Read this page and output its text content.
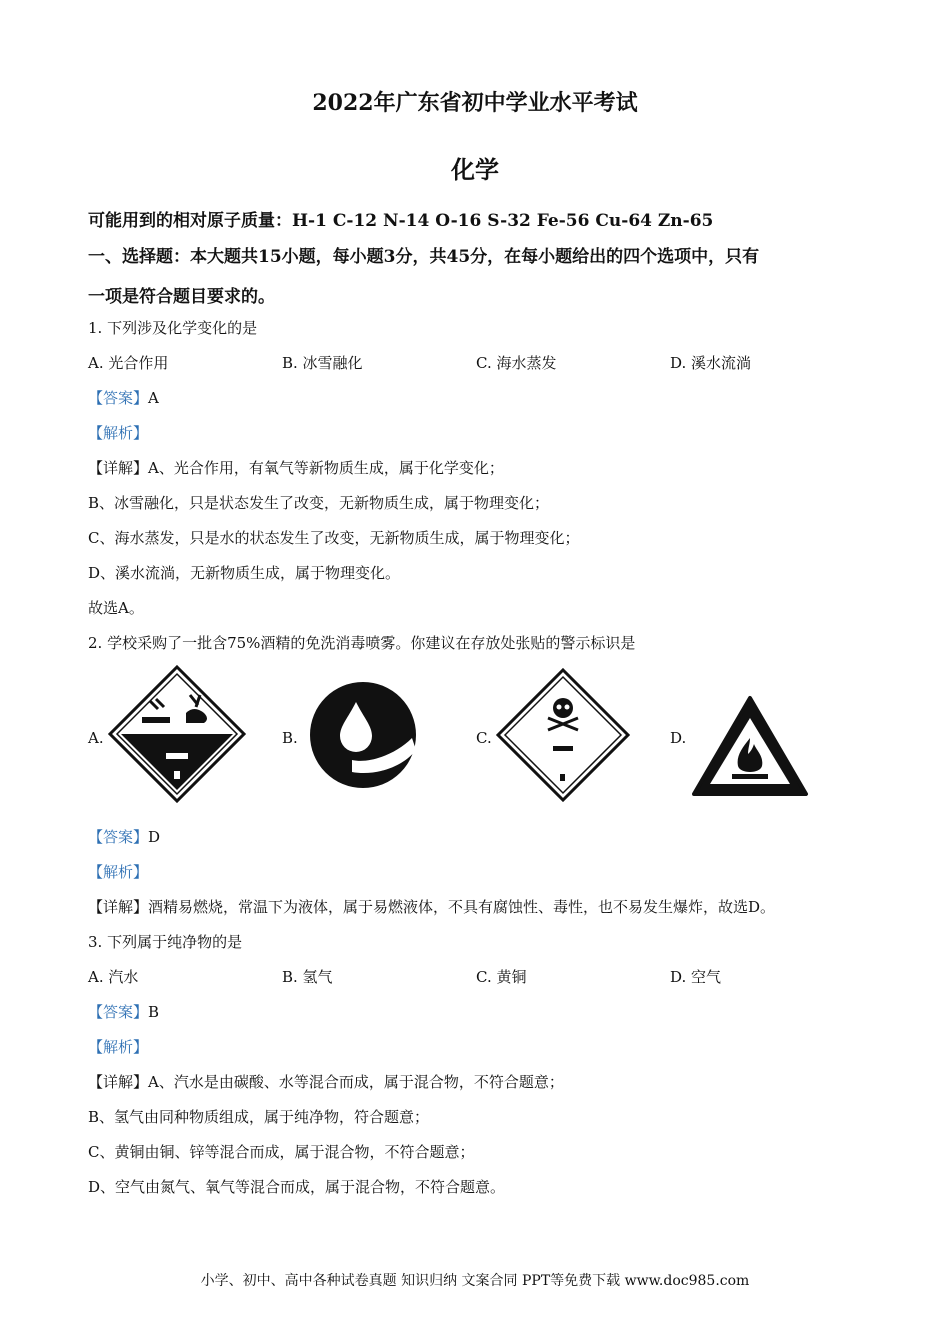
2022年广东省初中学业水平考试
化学
可能用到的相对原子质量：H-1 C-12 N-14 O-16 S-32 Fe-56 Cu-64 Zn-65
一、选择题：本大题共15小题，每小题3分，共45分，在每小题给出的四个选项中，只有
一项是符合题目要求的。
1. 下列涉及化学变化的是
A. 光合作用	B. 冰雪融化	C. 海水蒸发	D. 溪水流淌
【答案】A
【解析】
【详解】A、光合作用，有氧气等新物质生成，属于化学变化；
B、冰雪融化，只是状态发生了改变，无新物质生成，属于物理变化；
C、海水蒸发，只是水的状态发生了改变，无新物质生成，属于物理变化；
D、溪水流淌，无新物质生成，属于物理变化。
故选A。
2. 学校采购了一批含75%酒精的免洗消毒喷雾。你建议在存放处张贴的警示标识是
A.	B.	C.	D.
【答案】D
【解析】
【详解】酒精易燃烧，常温下为液体，属于易燃液体，不具有腐蚀性、毒性，也不易发生爆炸，故选D。
3. 下列属于纯净物的是
A. 汽水	B. 氢气	C. 黄铜	D. 空气
【答案】B
【解析】
【详解】A、汽水是由碳酸、水等混合而成，属于混合物，不符合题意；
B、氢气由同种物质组成，属于纯净物，符合题意；
C、黄铜由铜、锌等混合而成，属于混合物，不符合题意；
D、空气由氮气、氧气等混合而成，属于混合物，不符合题意。
小学、初中、高中各种试卷真题 知识归纳 文案合同 PPT等免费下载 www.doc985.com
